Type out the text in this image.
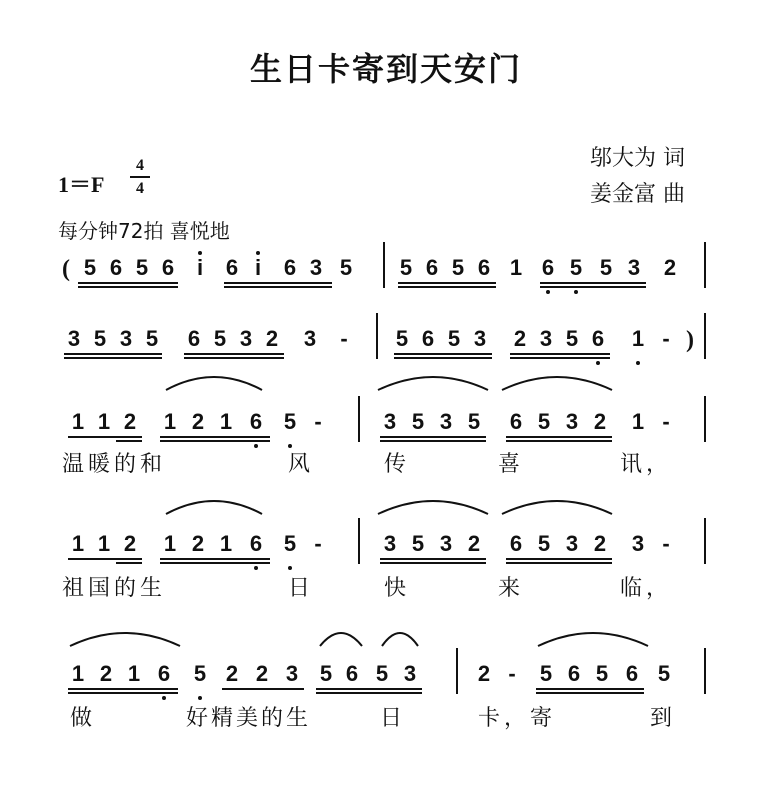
生日卡寄到天安门
邬大为 词
姜金富 曲
1＝F
4
4
每分钟72拍 喜悦地
(
)
5 6 5 6	i	6 i	6 3 5 5 6 5 6 1 6 5 5 3 2
3 5 3 5 6 5 3 2 3 - 5 6 5 3 2 3 5 6 1 -
1 1 2 1 2 1 6 5 -	3 5 3 5 6 5 3 2 1 -
1 1 2 1 2 1 6 5 -	3 5 3 2 6 5 3 2 3 -
1 2 1 6 5 2 2 3 5 6 5 3	2 - 5 6 5 6 5
温暖的和	风	传	喜	讯，
祖国的生	日	快	来	临，
做	好精美的生	日	卡，寄	到
